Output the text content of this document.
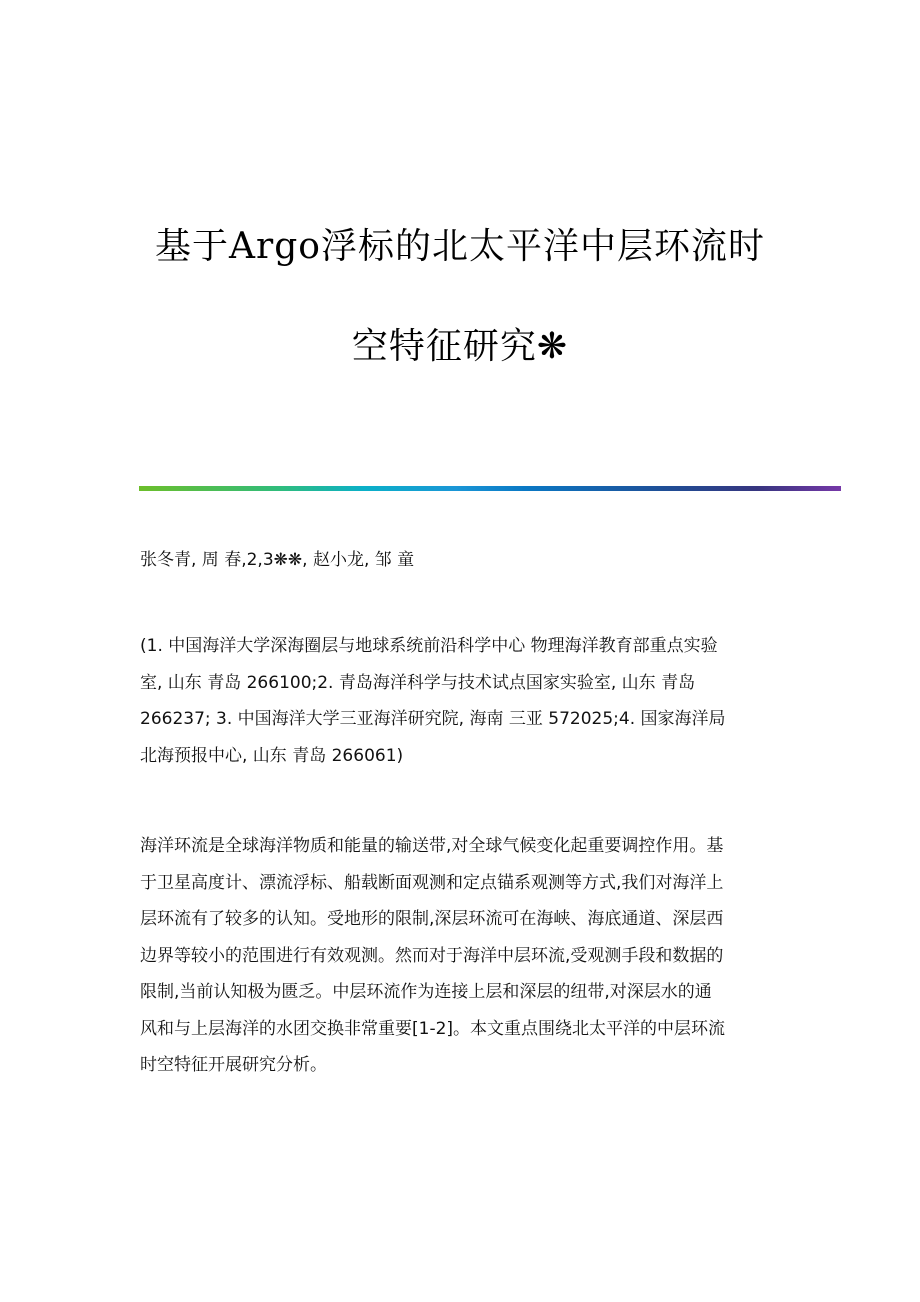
基于Argo浮标的北太平洋中层环流时
空特征研究❋
张冬青, 周 春,2,3❋❋, 赵小龙, 邹 童
(1. 中国海洋大学深海圈层与地球系统前沿科学中心 物理海洋教育部重点实验
室, 山东 青岛 266100;2. 青岛海洋科学与技术试点国家实验室, 山东 青岛
266237; 3. 中国海洋大学三亚海洋研究院, 海南 三亚 572025;4. 国家海洋局
北海预报中心, 山东 青岛 266061)
海洋环流是全球海洋物质和能量的输送带,对全球气候变化起重要调控作用。基
于卫星高度计、漂流浮标、船载断面观测和定点锚系观测等方式,我们对海洋上
层环流有了较多的认知。受地形的限制,深层环流可在海峡、海底通道、深层西
边界等较小的范围进行有效观测。然而对于海洋中层环流,受观测手段和数据的
限制,当前认知极为匮乏。中层环流作为连接上层和深层的纽带,对深层水的通
风和与上层海洋的水团交换非常重要[1-2]。本文重点围绕北太平洋的中层环流
时空特征开展研究分析。
